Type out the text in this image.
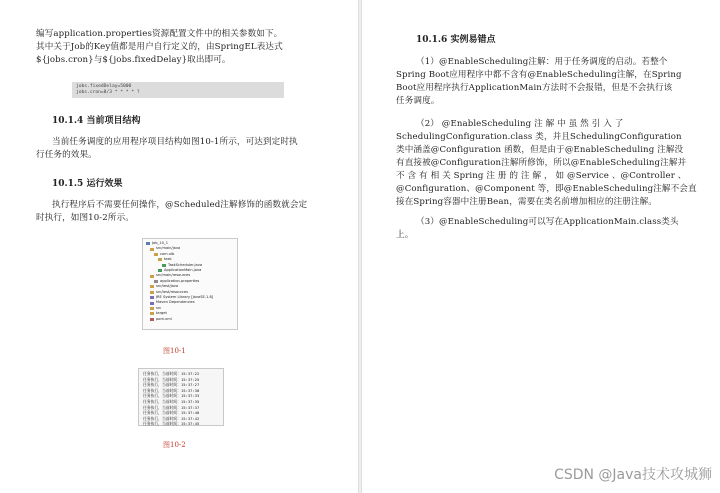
编写application.properties资源配置文件中的相关参数如下。

其中关于Job的Key值都是用户自行定义的，由SpringEL表达式

${jobs.cron}与${jobs.fixedDelay}取出即可。

jobs.fixedDelay=5000
jobs.cron=0/3 * * * * ?

10.1.4 当前项目结构

当前任务调度的应用程序项目结构如图10-1所示，可达到定时执

行任务的效果。

10.1.5 运行效果

执行程序后不需要任何操作，@Scheduled注解修饰的函数就会定

时执行，如图10-2所示。

Job_10_1
src/main/java
com.xlb
task
TaskScheduler.java
ApplicationMain.java
src/main/resources
application.properties
src/test/java
src/test/resources
JRE System Library [JavaSE-1.8]
Maven Dependencies
src
target
pom.xml
图10-1
任务执行，当前时间：15:37:22
任务执行，当前时间：15:37:25
任务执行，当前时间：15:37:27
任务执行，当前时间：15:37:30
任务执行，当前时间：15:37:33
任务执行，当前时间：15:37:35
任务执行，当前时间：15:37:37
任务执行，当前时间：15:37:40
任务执行，当前时间：15:37:42
任务执行，当前时间：15:37:45
图10-2

10.1.6 实例易错点

（1）@EnableScheduling注解：用于任务调度的启动。若整个

Spring Boot应用程序中都不含有@EnableScheduling注解，在Spring

Boot应用程序执行ApplicationMain方法时不会报错，但是不会执行该

任务调度。

（2） @EnableScheduling 注 解 中 虽 然 引 入 了

SchedulingConfiguration.class 类，并且SchedulingConfiguration

类中涵盖@Configuration 函数，但是由于@EnableScheduling 注解没

有直接被@Configuration注解所修饰，所以@EnableScheduling注解并

不 含 有 相 关 Spring 注 册 的 注 解 ， 如 @Service 、@Controller 、

@Configuration、@Component 等，即@EnableScheduling注解不会直

接在Spring容器中注册Bean，需要在类名前增加相应的注册注解。

（3）@EnableScheduling可以写在ApplicationMain.class类头

上。

CSDN @Java技术攻城狮
